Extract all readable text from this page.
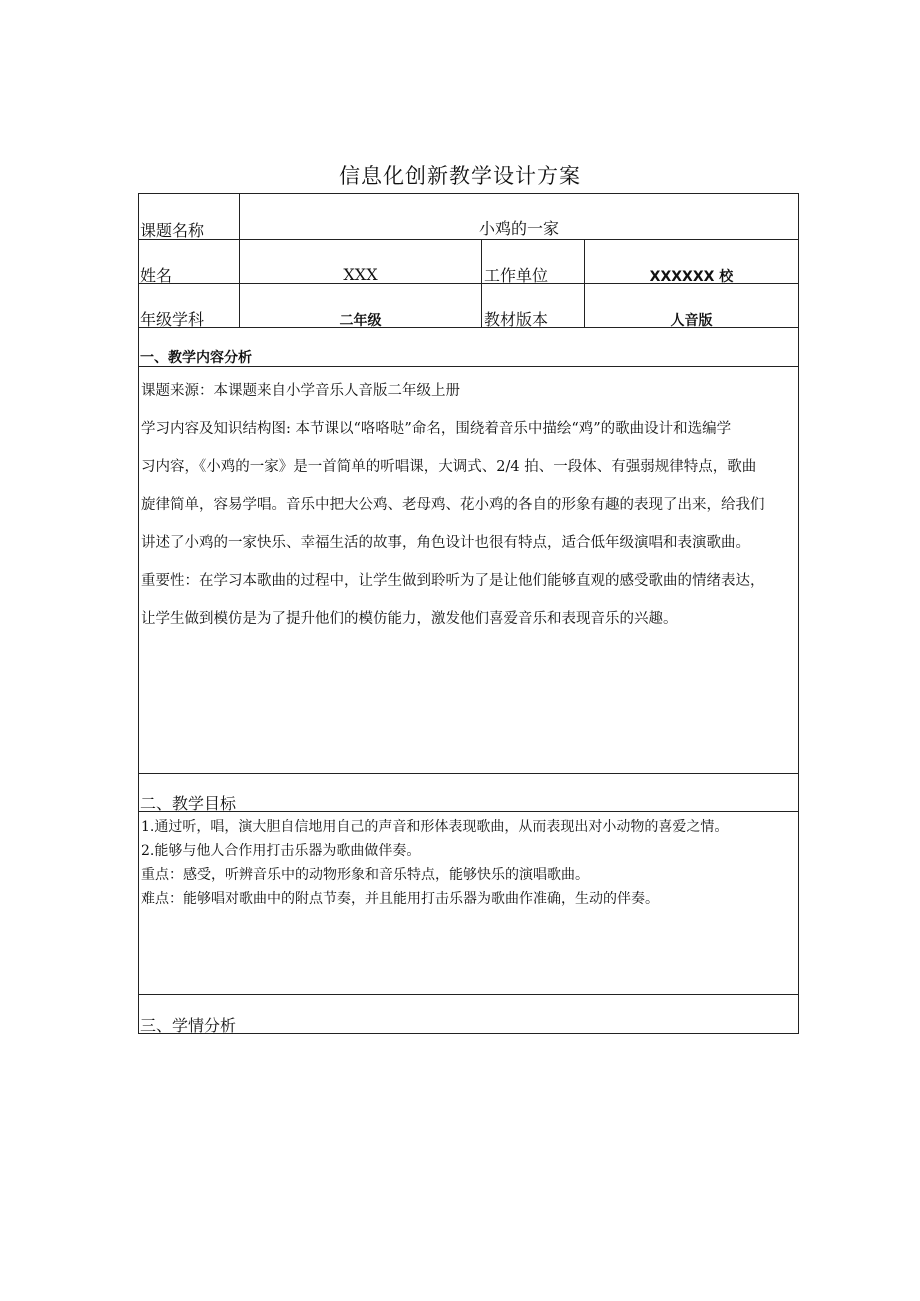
信息化创新教学设计方案
课题名称	小鸡的一家
姓名	XXX	工作单位	XXXXXX 校
年级学科	二年级	教材版本	人音版
一、教学内容分析

课题来源：本课题来自小学音乐人音版二年级上册

学习内容及知识结构图: 本节课以“咯咯哒”命名，围绕着音乐中描绘“鸡”的歌曲设计和选编学

习内容，《小鸡的一家》是一首简单的听唱课，大调式、2/4 拍、一段体、有强弱规律特点，歌曲

旋律简单，容易学唱。音乐中把大公鸡、老母鸡、花小鸡的各自的形象有趣的表现了出来，给我们

讲述了小鸡的一家快乐、幸福生活的故事，角色设计也很有特点，适合低年级演唱和表演歌曲。

重要性：在学习本歌曲的过程中，让学生做到聆听为了是让他们能够直观的感受歌曲的情绪表达，

让学生做到模仿是为了提升他们的模仿能力，激发他们喜爱音乐和表现音乐的兴趣。

二、教学目标

1.通过听，唱，演大胆自信地用自己的声音和形体表现歌曲，从而表现出对小动物的喜爱之情。

2.能够与他人合作用打击乐器为歌曲做伴奏。

重点：感受，听辨音乐中的动物形象和音乐特点，能够快乐的演唱歌曲。

难点：能够唱对歌曲中的附点节奏，并且能用打击乐器为歌曲作准确，生动的伴奏。

三、学情分析
